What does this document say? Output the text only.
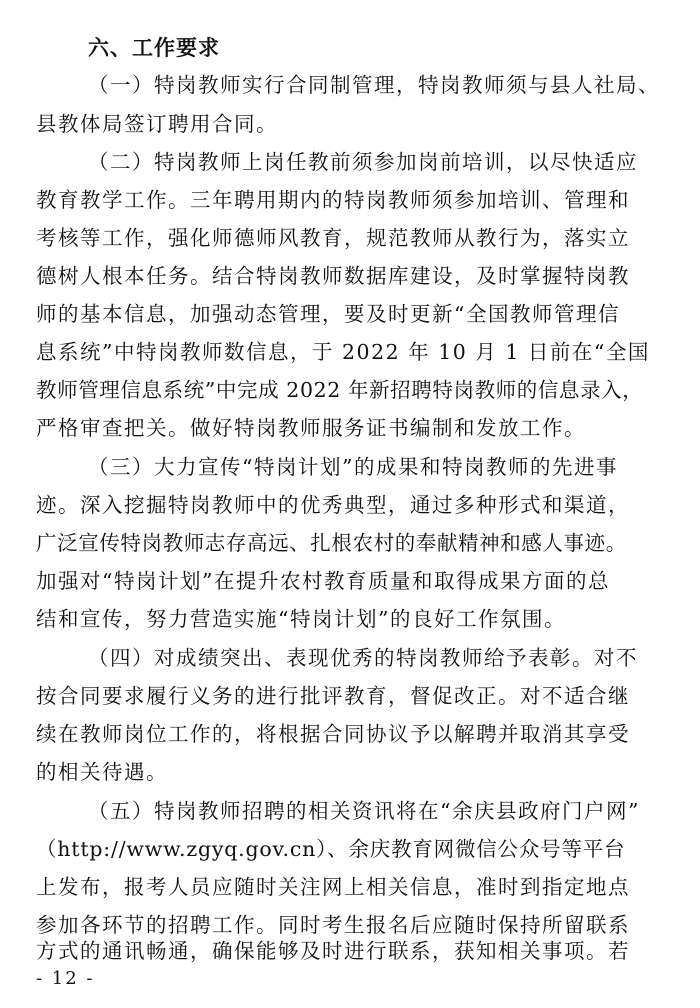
六、工作要求
（一）特岗教师实行合同制管理，特岗教师须与县人社局、
县教体局签订聘用合同。
（二）特岗教师上岗任教前须参加岗前培训，以尽快适应
教育教学工作。三年聘用期内的特岗教师须参加培训、管理和
考核等工作，强化师德师风教育，规范教师从教行为，落实立
德树人根本任务。结合特岗教师数据库建设，及时掌握特岗教
师的基本信息，加强动态管理，要及时更新“全国教师管理信
息系统”中特岗教师数信息，于 2022 年 10 月 1 日前在“全国
教师管理信息系统”中完成 2022 年新招聘特岗教师的信息录入，
严格审查把关。做好特岗教师服务证书编制和发放工作。
（三）大力宣传“特岗计划”的成果和特岗教师的先进事
迹。深入挖掘特岗教师中的优秀典型，通过多种形式和渠道，
广泛宣传特岗教师志存高远、扎根农村的奉献精神和感人事迹。
加强对“特岗计划”在提升农村教育质量和取得成果方面的总
结和宣传，努力营造实施“特岗计划”的良好工作氛围。
（四）对成绩突出、表现优秀的特岗教师给予表彰。对不
按合同要求履行义务的进行批评教育，督促改正。对不适合继
续在教师岗位工作的，将根据合同协议予以解聘并取消其享受
的相关待遇。
（五）特岗教师招聘的相关资讯将在“余庆县政府门户网”
（http://www.zgyq.gov.cn）、余庆教育网微信公众号等平台
上发布，报考人员应随时关注网上相关信息，准时到指定地点
参加各环节的招聘工作。同时考生报名后应随时保持所留联系
- 12 -
方式的通讯畅通，确保能够及时进行联系，获知相关事项。若
